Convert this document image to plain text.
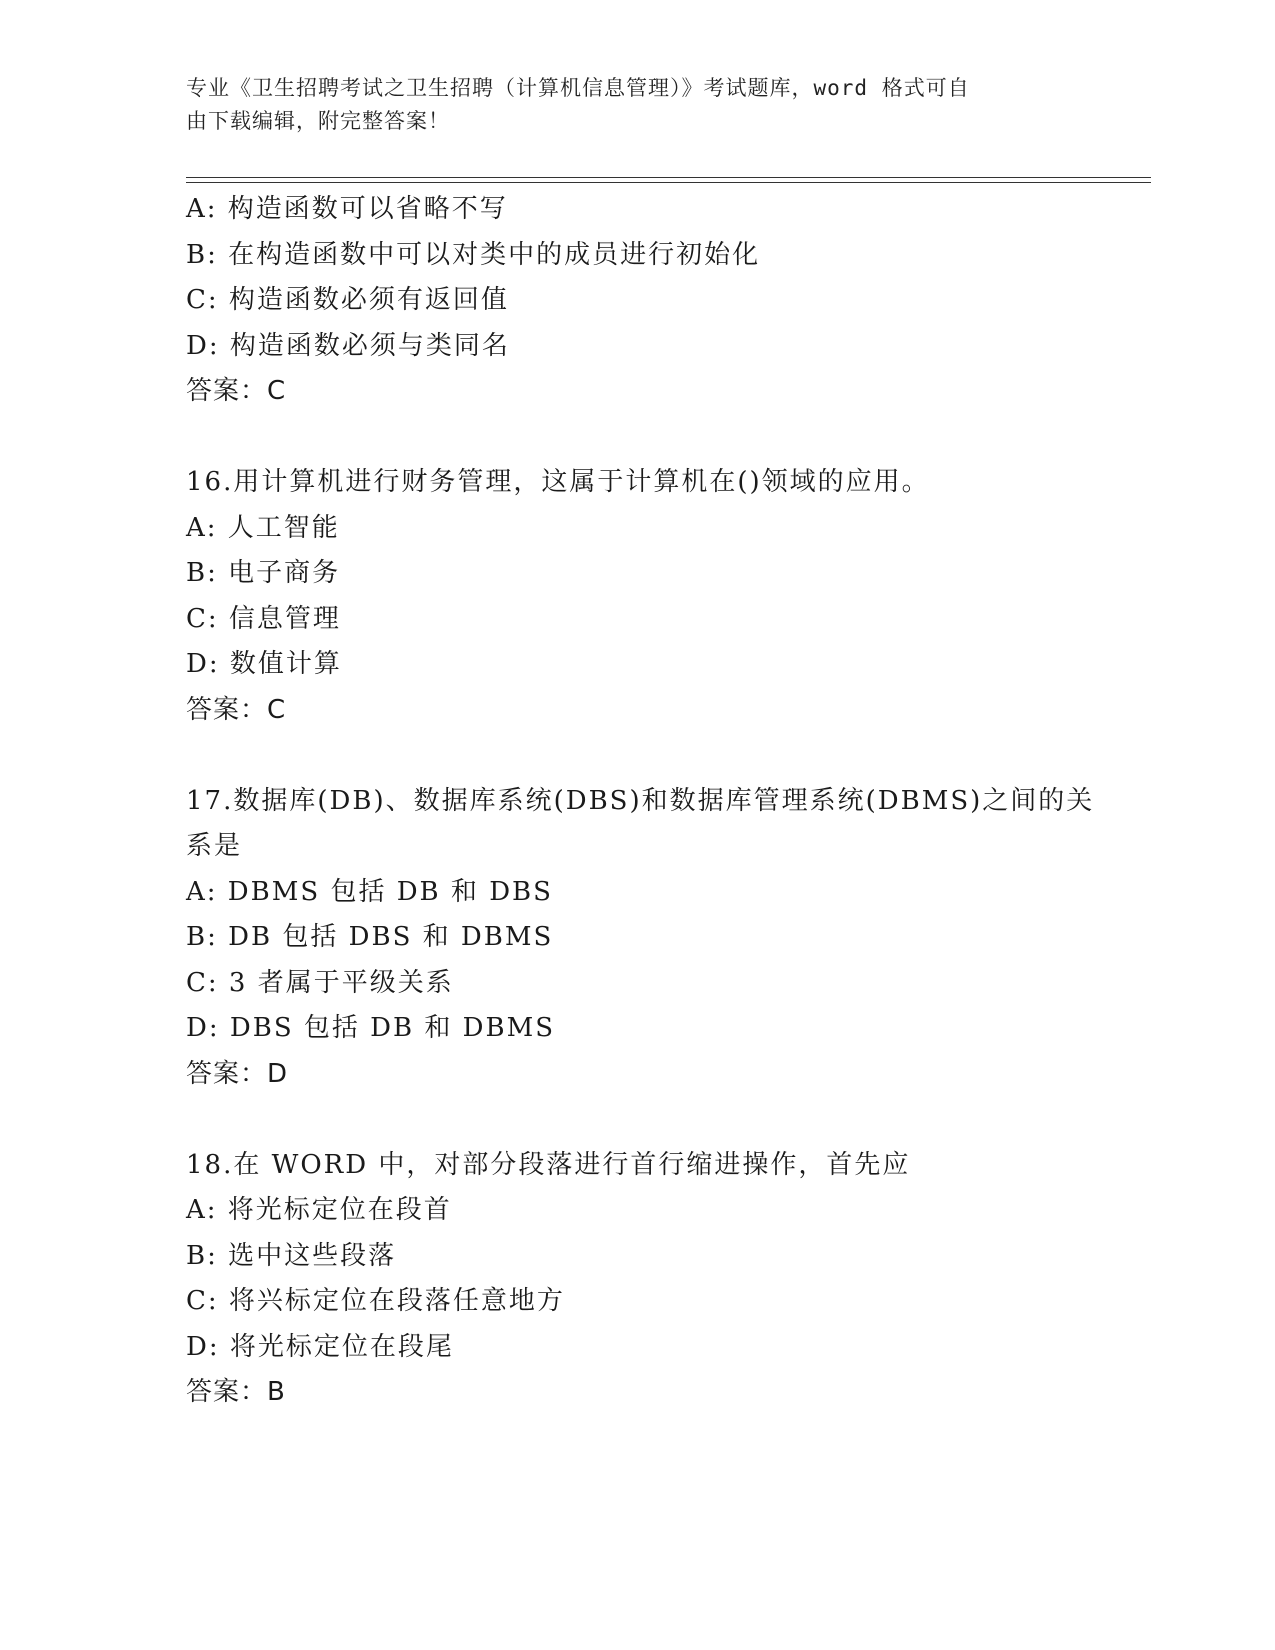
专业《卫生招聘考试之卫生招聘（计算机信息管理）》考试题库，word 格式可自
由下载编辑，附完整答案！
A: 构造函数可以省略不写
B: 在构造函数中可以对类中的成员进行初始化
C: 构造函数必须有返回值
D: 构造函数必须与类同名
答案：C
16.用计算机进行财务管理，这属于计算机在()领域的应用。
A: 人工智能
B: 电子商务
C: 信息管理
D: 数值计算
答案：C
17.数据库(DB)、数据库系统(DBS)和数据库管理系统(DBMS)之间的关
系是
A: DBMS 包括 DB 和 DBS
B: DB 包括 DBS 和 DBMS
C: 3 者属于平级关系
D: DBS 包括 DB 和 DBMS
答案：D
18.在 WORD 中，对部分段落进行首行缩进操作，首先应
A: 将光标定位在段首
B: 选中这些段落
C: 将兴标定位在段落任意地方
D: 将光标定位在段尾
答案：B
